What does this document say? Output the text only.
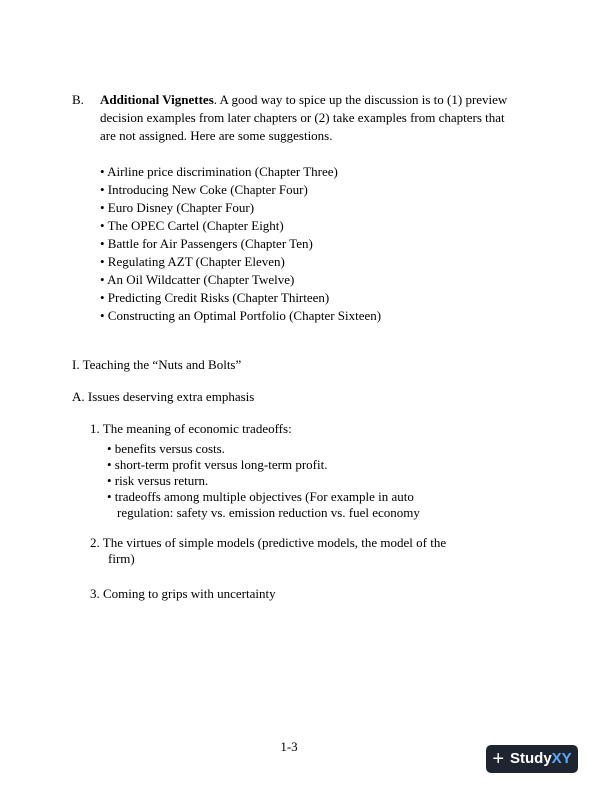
B. Additional Vignettes. A good way to spice up the discussion is to (1) preview decision examples from later chapters or (2) take examples from chapters that are not assigned. Here are some suggestions.
• Airline price discrimination (Chapter Three)
• Introducing New Coke (Chapter Four)
• Euro Disney (Chapter Four)
• The OPEC Cartel (Chapter Eight)
• Battle for Air Passengers (Chapter Ten)
• Regulating AZT (Chapter Eleven)
• An Oil Wildcatter (Chapter Twelve)
• Predicting Credit Risks (Chapter Thirteen)
• Constructing an Optimal Portfolio (Chapter Sixteen)
I. Teaching the “Nuts and Bolts”
A. Issues deserving extra emphasis
1. The meaning of economic tradeoffs:
• benefits versus costs.
• short-term profit versus long-term profit.
• risk versus return.
• tradeoffs among multiple objectives (For example in auto
regulation: safety vs. emission reduction vs. fuel economy
2. The virtues of simple models (predictive models, the model of the
firm)
3. Coming to grips with uncertainty
1-3
+ Study XY
